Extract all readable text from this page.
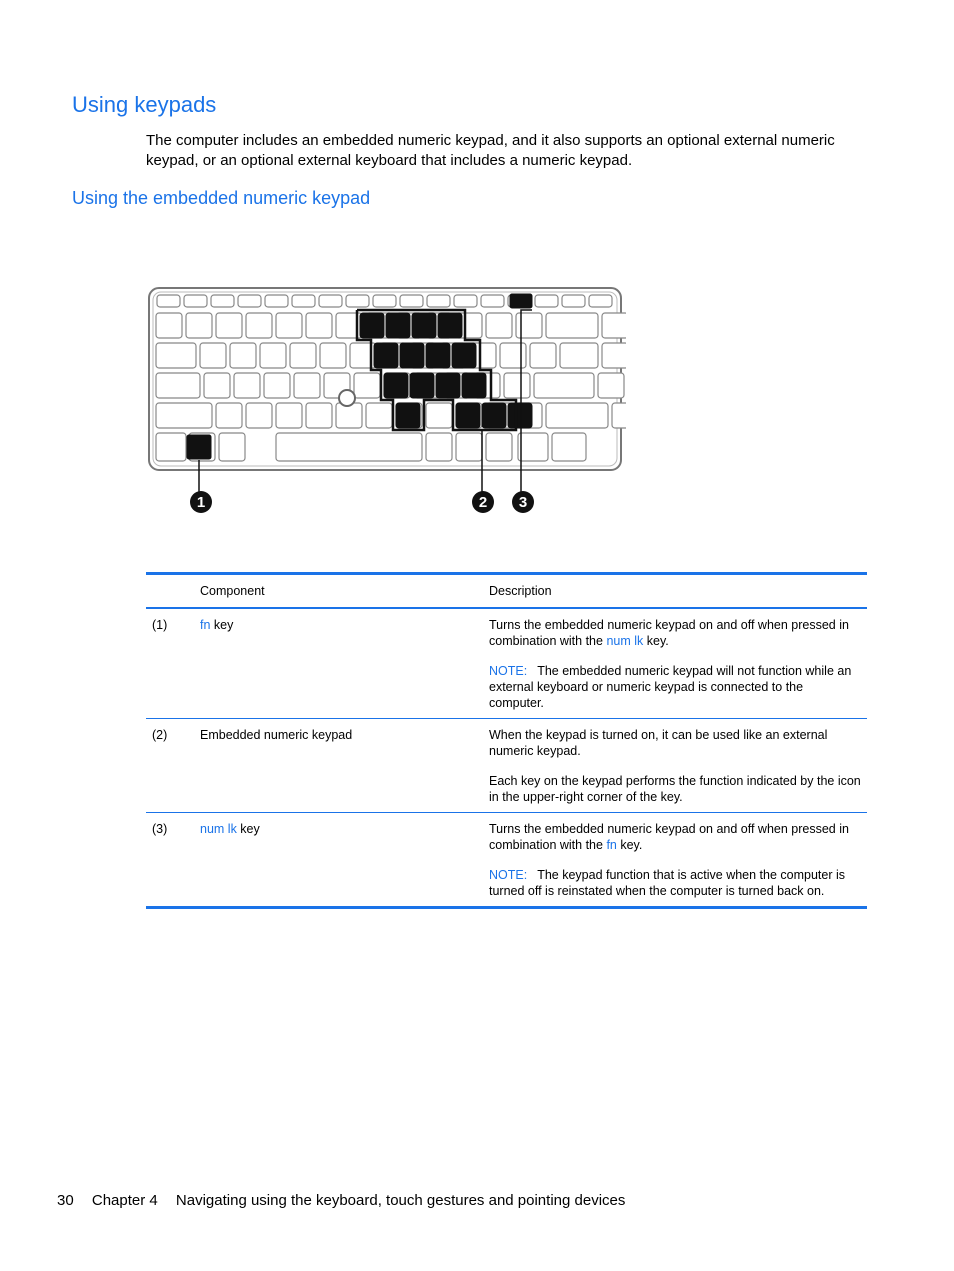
Using keypads

The computer includes an embedded numeric keypad, and it also supports an optional external numeric keypad, or an optional external keyboard that includes a numeric keypad.

Using the embedded numeric keypad
1	2 3
	Component	Description
(1)	fn key	Turns the embedded numeric keypad on and off when pressed in combination with the num lk key.

NOTE: The embedded numeric keypad will not function while an external keyboard or numeric keypad is connected to the computer.

(2)	Embedded numeric keypad	When the keypad is turned on, it can be used like an external numeric keypad.

Each key on the keypad performs the function indicated by the icon in the upper-right corner of the key.

(3)	num lk key	Turns the embedded numeric keypad on and off when pressed in combination with the fn key.

NOTE: The keypad function that is active when the computer is turned off is reinstated when the computer is turned back on.

30 Chapter 4 Navigating using the keyboard, touch gestures and pointing devices
